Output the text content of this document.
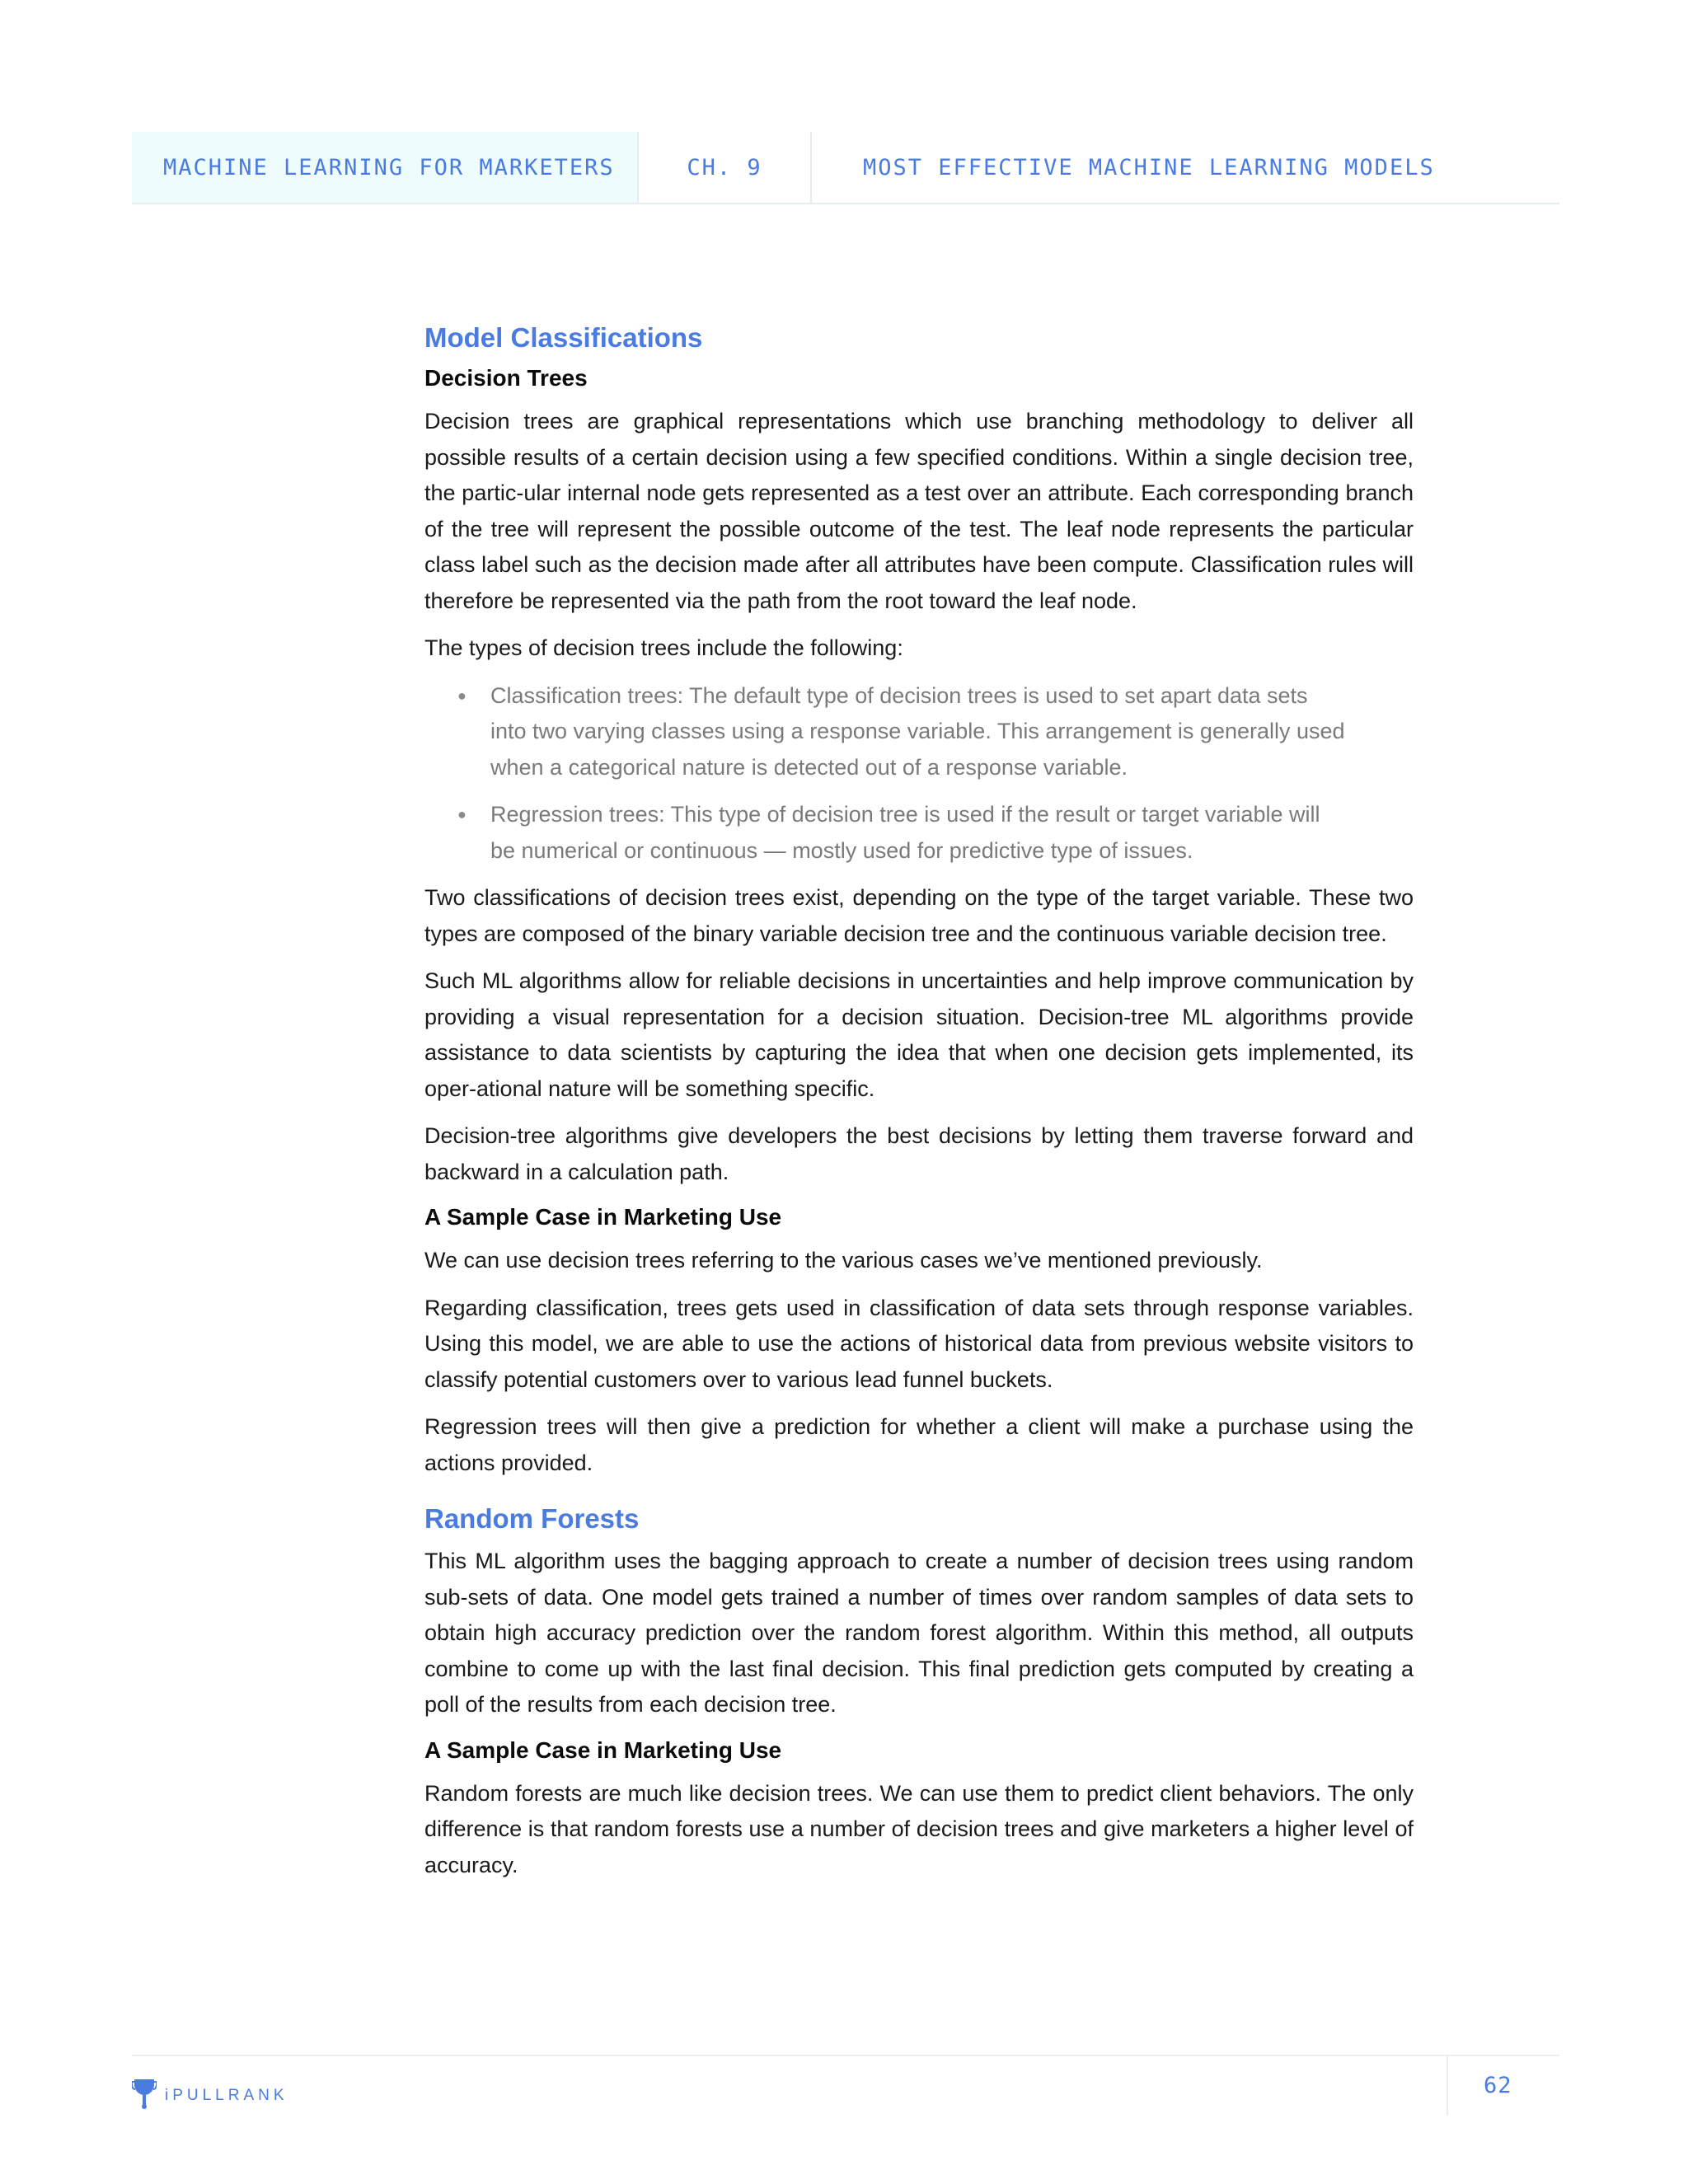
MACHINE LEARNING FOR MARKETERS	CH. 9	MOST EFFECTIVE MACHINE LEARNING MODELS
Model Classifications
Decision Trees

Decision trees are graphical representations which use branching methodology to deliver all possible results of a certain decision using a few specified conditions. Within a single decision tree, the partic-ular internal node gets represented as a test over an attribute. Each corresponding branch of the tree will represent the possible outcome of the test. The leaf node represents the particular class label such as the decision made after all attributes have been compute. Classification rules will therefore be represented via the path from the root toward the leaf node.

The types of decision trees include the following:

● Classification trees: The default type of decision trees is used to set apart data sets into two varying classes using a response variable. This arrangement is generally used when a categorical nature is detected out of a response variable.
● Regression trees: This type of decision tree is used if the result or target variable will be numerical or continuous — mostly used for predictive type of issues.

Two classifications of decision trees exist, depending on the type of the target variable. These two types are composed of the binary variable decision tree and the continuous variable decision tree.

Such ML algorithms allow for reliable decisions in uncertainties and help improve communication by providing a visual representation for a decision situation. Decision-tree ML algorithms provide assistance to data scientists by capturing the idea that when one decision gets implemented, its oper-ational nature will be something specific.

Decision-tree algorithms give developers the best decisions by letting them traverse forward and backward in a calculation path.

A Sample Case in Marketing Use

We can use decision trees referring to the various cases we’ve mentioned previously.

Regarding classification, trees gets used in classification of data sets through response variables. Using this model, we are able to use the actions of historical data from previous website visitors to classify potential customers over to various lead funnel buckets.

Regression trees will then give a prediction for whether a client will make a purchase using the actions provided.

Random Forests

This ML algorithm uses the bagging approach to create a number of decision trees using random sub-sets of data. One model gets trained a number of times over random samples of data sets to obtain high accuracy prediction over the random forest algorithm. Within this method, all outputs combine to come up with the last final decision. This final prediction gets computed by creating a poll of the results from each decision tree.

A Sample Case in Marketing Use

Random forests are much like decision trees. We can use them to predict client behaviors. The only difference is that random forests use a number of decision trees and give marketers a higher level of accuracy.

iPULLRANK	62
